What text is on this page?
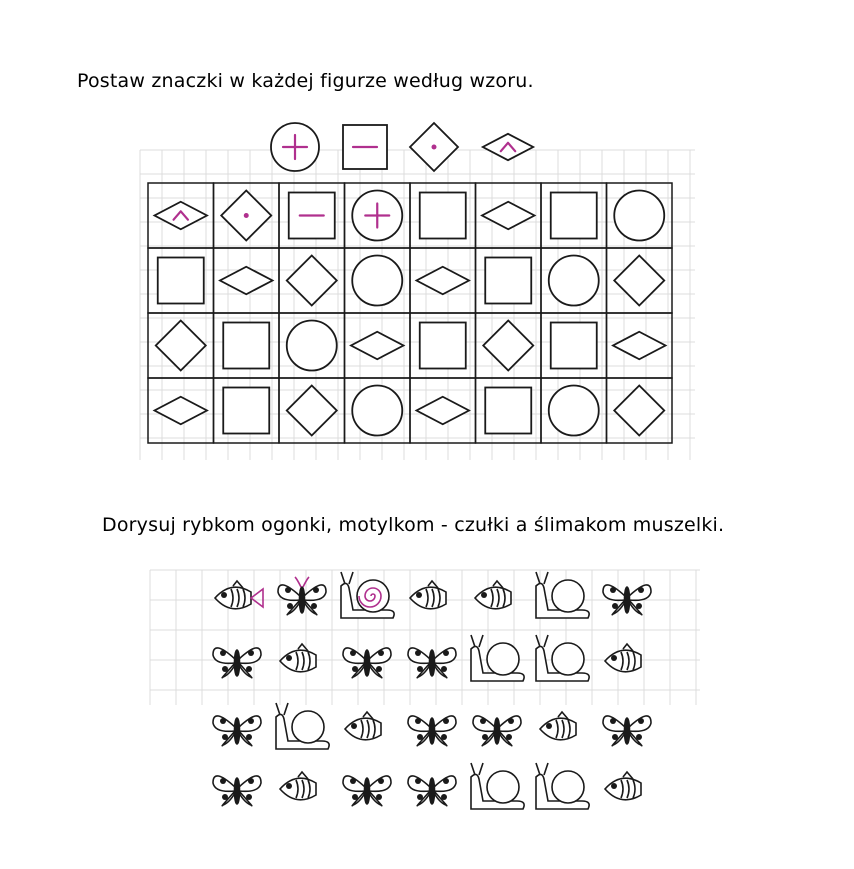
Postaw znaczki w każdej figurze według wzoru.
Dorysuj rybkom ogonki, motylkom - czułki a ślimakom muszelki.
